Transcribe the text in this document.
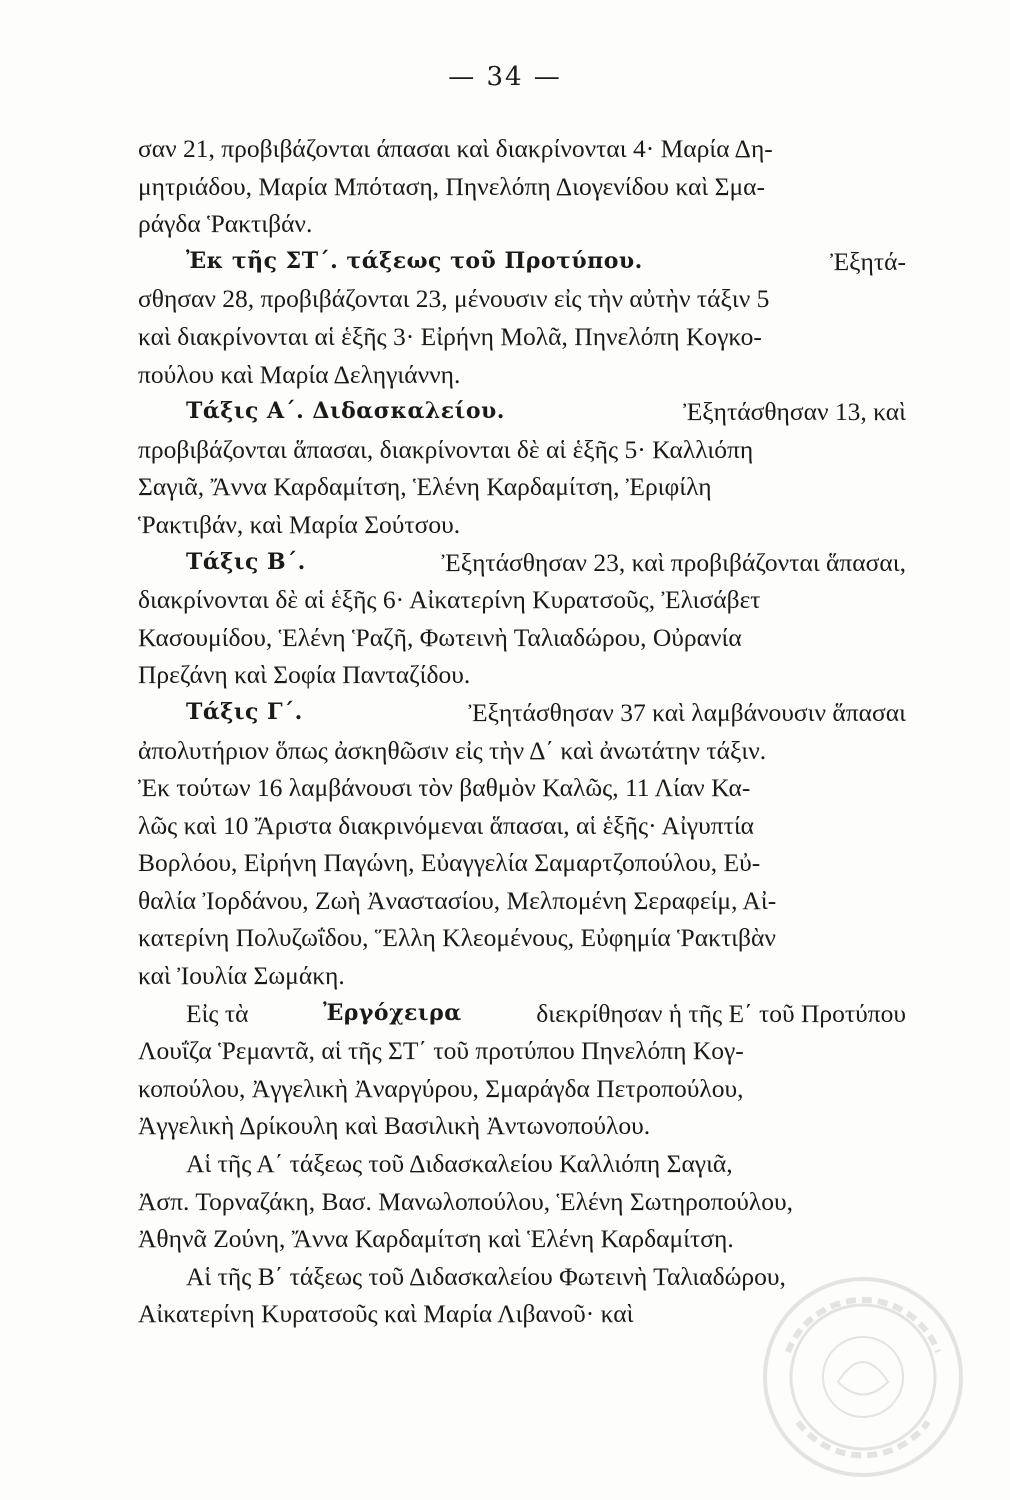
— 34 —
σαν 21, προβιβάζονται άπασαι καὶ διακρίνονται 4· Μαρία Δη-
μητριάδου, Μαρία Μπόταση, Πηνελόπη Διογενίδου καὶ Σμα-
ράγδα Ῥακτιβάν.
Ἐκ τῆς ΣΤ΄. τάξεως τοῦ Προτύπου.	Ἐξητά-
σθησαν 28, προβιβάζονται 23, μένουσιν εἰς τὴν αὐτὴν τάξιν 5
καὶ διακρίνονται αἱ ἑξῆς 3· Εἰρήνη Μολᾶ, Πηνελόπη Κογκο-
πούλου καὶ Μαρία Δεληγιάννη.
Τάξις Α΄. Διδασκαλείου.	Ἐξητάσθησαν 13, καὶ
προβιβάζονται ἅπασαι, διακρίνονται δὲ αἱ ἑξῆς 5· Καλλιόπη
Σαγιᾶ, Ἄννα Καρδαμίτση, Ἑλένη Καρδαμίτση, Ἐριφίλη
Ῥακτιβάν, καὶ Μαρία Σούτσου.
Τάξις Β΄.	Ἐξητάσθησαν 23, καὶ προβιβάζονται ἅπασαι,
διακρίνονται δὲ αἱ ἑξῆς 6· Αἰκατερίνη Κυρατσοῦς, Ἐλισάβετ
Κασουμίδου, Ἑλένη Ῥαζῆ, Φωτεινὴ Ταλιαδώρου, Οὐρανία
Πρεζάνη καὶ Σοφία Πανταζίδου.
Τάξις Γ΄.	Ἐξητάσθησαν 37 καὶ λαμβάνουσιν ἅπασαι
ἀπολυτήριον ὅπως ἀσκηθῶσιν εἰς τὴν Δ΄ καὶ ἀνωτάτην τάξιν.
Ἐκ τούτων 16 λαμβάνουσι τὸν βαθμὸν Καλῶς, 11 Λίαν Κα-
λῶς καὶ 10 Ἄριστα διακρινόμεναι ἅπασαι, αἱ ἑξῆς· Αἰγυπτία
Βορλόου, Εἰρήνη Παγώνη, Εὐαγγελία Σαμαρτζοπούλου, Εὐ-
θαλία Ἰορδάνου, Ζωὴ Ἀναστασίου, Μελπομένη Σεραφείμ, Αἰ-
κατερίνη Πολυζωΐδου, Ἕλλη Κλεομένους, Εὐφημία Ῥακτιβὰν
καὶ Ἰουλία Σωμάκη.
Εἰς τὰ	Ἐργόχειρα	διεκρίθησαν ἡ τῆς Ε΄ τοῦ Προτύπου
Λουΐζα Ῥεμαντᾶ, αἱ τῆς ΣΤ΄ τοῦ προτύπου Πηνελόπη Κογ-
κοπούλου, Ἀγγελικὴ Ἀναργύρου, Σμαράγδα Πετροπούλου,
Ἀγγελικὴ Δρίκουλη καὶ Βασιλικὴ Ἀντωνοπούλου.
Αἱ τῆς Α΄ τάξεως τοῦ Διδασκαλείου Καλλιόπη Σαγιᾶ,
Ἀσπ. Τορναζάκη, Βασ. Μανωλοπούλου, Ἑλένη Σωτηροπούλου,
Ἀθηνᾶ Ζούνη, Ἄννα Καρδαμίτση καὶ Ἑλένη Καρδαμίτση.
Αἱ τῆς Β΄ τάξεως τοῦ Διδασκαλείου Φωτεινὴ Ταλιαδώρου,
Αἰκατερίνη Κυρατσοῦς καὶ Μαρία Λιβανοῦ· καὶ
